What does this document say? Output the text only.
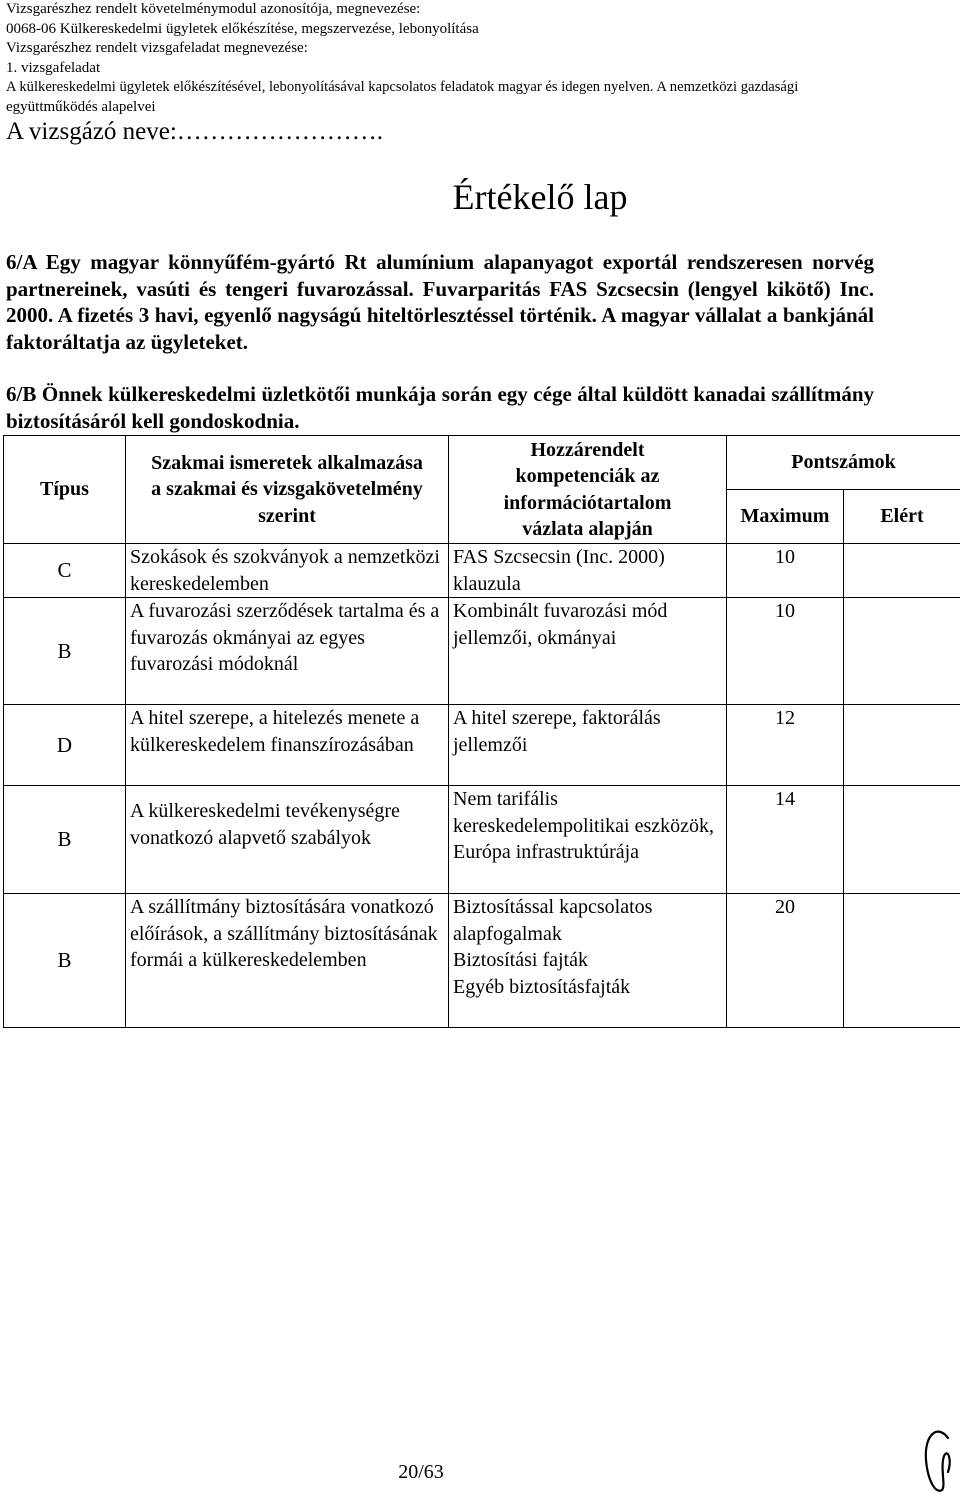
Vizsgarészhez rendelt követelménymodul azonosítója, megnevezése:
0068-06 Külkereskedelmi ügyletek előkészítése, megszervezése, lebonyolítása
Vizsgarészhez rendelt vizsgafeladat megnevezése:
1. vizsgafeladat
A külkereskedelmi ügyletek előkészítésével, lebonyolításával kapcsolatos feladatok magyar és idegen nyelven. A nemzetközi gazdasági
együttműködés alapelvei
A vizsgázó neve:…………………….
Értékelő lap
6/A Egy magyar könnyűfém-gyártó Rt alumínium alapanyagot exportál rendszeresen norvég partnereinek, vasúti és tengeri fuvarozással. Fuvarparitás FAS Szcsecsin (lengyel kikötő) Inc. 2000. A fizetés 3 havi, egyenlő nagyságú hiteltörlesztéssel történik. A magyar vállalat a bankjánál faktoráltatja az ügyleteket.
6/B Önnek külkereskedelmi üzletkötői munkája során egy cége által küldött kanadai szállítmány biztosításáról kell gondoskodnia.
Típus	Szakmai ismeretek alkalmazása a szakmai és vizsgakövetelmény szerint	Hozzárendelt kompetenciák az információtartalom vázlata alapján	Pontszámok	
			Maximum	Elért
C	Szokások és szokványok a nemzetközi kereskedelemben	FAS Szcsecsin (Inc. 2000) klauzula	10	
B	A fuvarozási szerződések tartalma és a fuvarozás okmányai az egyes fuvarozási módoknál	Kombinált fuvarozási mód jellemzői, okmányai	10	
D	A hitel szerepe, a hitelezés menete a külkereskedelem finanszírozásában	A hitel szerepe, faktorálás jellemzői	12	
B	A külkereskedelmi tevékenységre vonatkozó alapvető szabályok	Nem tarifális kereskedelempolitikai eszközök, Európa infrastruktúrája	14	
B	A szállítmány biztosítására vonatkozó előírások, a szállítmány biztosításának formái a külkereskedelemben	Biztosítással kapcsolatos alapfogalmak
Biztosítási fajták
Egyéb biztosításfajták	20	
20/63
